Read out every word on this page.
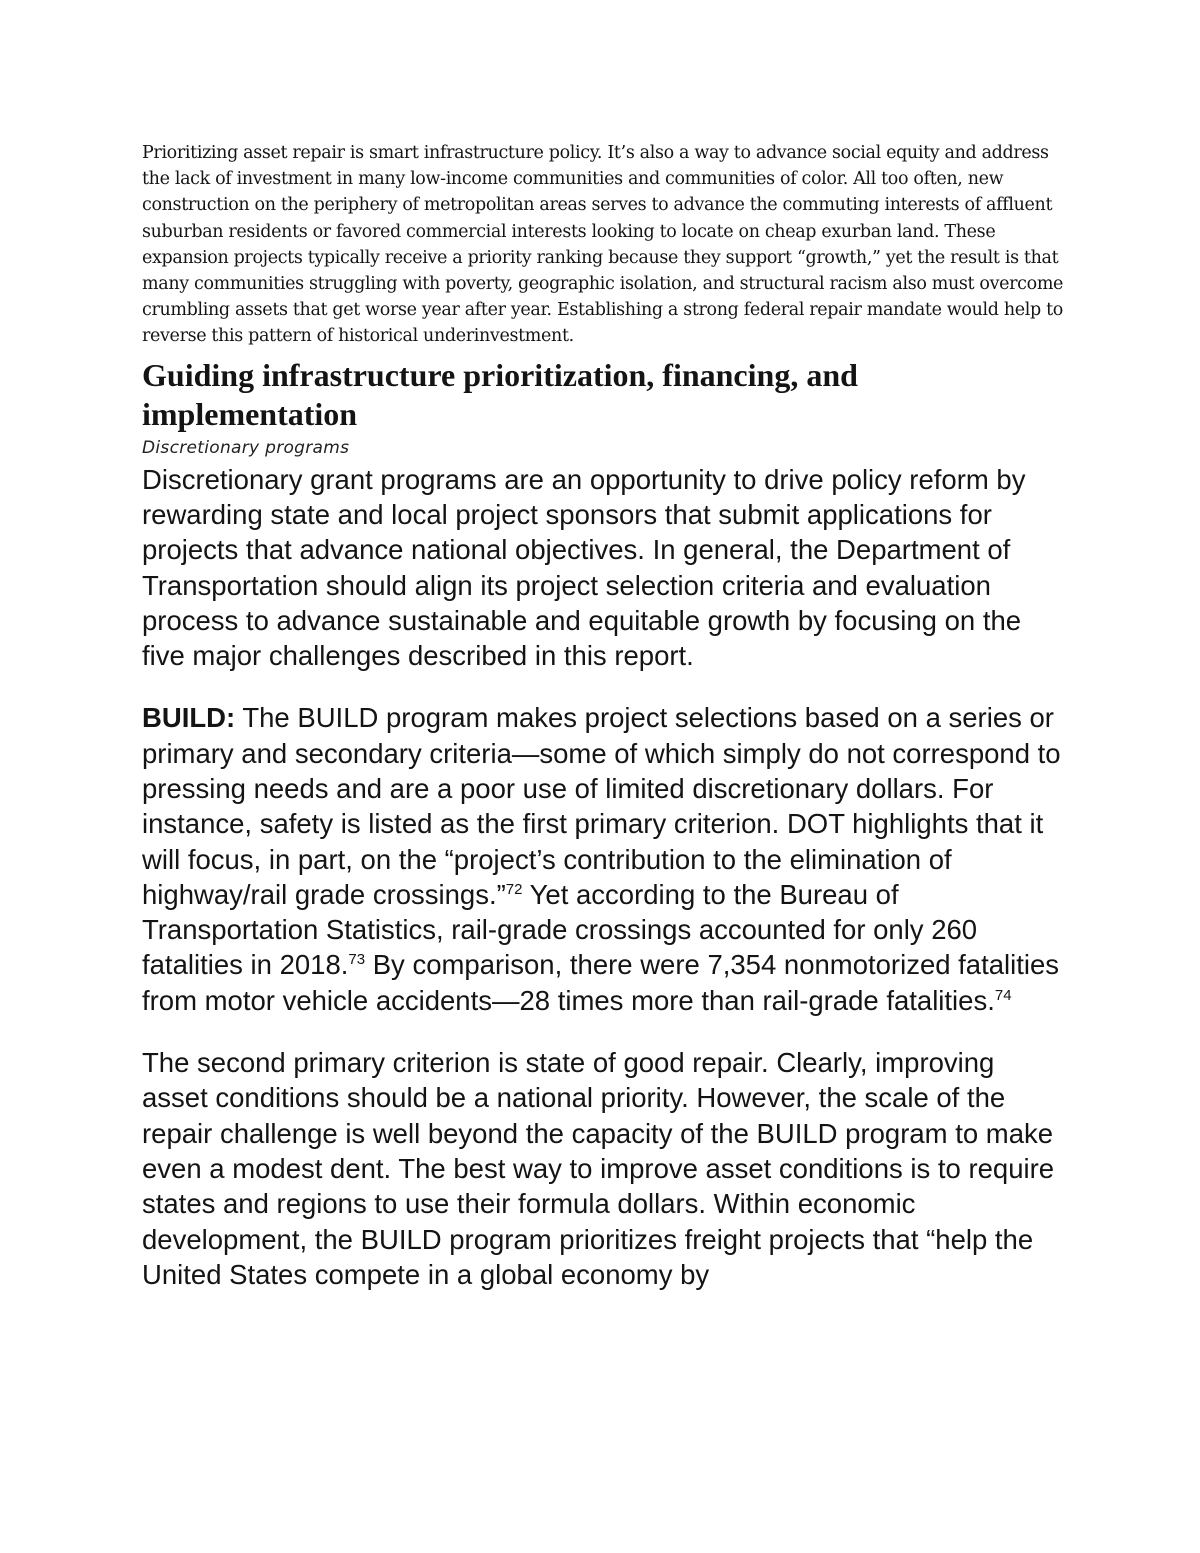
Prioritizing asset repair is smart infrastructure policy. It’s also a way to advance social equity and address the lack of investment in many low-income communities and communities of color. All too often, new construction on the periphery of metropolitan areas serves to advance the commuting interests of affluent suburban residents or favored commercial interests looking to locate on cheap exurban land. These expansion projects typically receive a priority ranking because they support “growth,” yet the result is that many communities struggling with poverty, geographic isolation, and structural racism also must overcome crumbling assets that get worse year after year. Establishing a strong federal repair mandate would help to reverse this pattern of historical underinvestment.

Guiding infrastructure prioritization, financing, and implementation
Discretionary programs

Discretionary grant programs are an opportunity to drive policy reform by rewarding state and local project sponsors that submit applications for projects that advance national objectives. In general, the Department of Transportation should align its project selection criteria and evaluation process to advance sustainable and equitable growth by focusing on the five major challenges described in this report.

BUILD: The BUILD program makes project selections based on a series or primary and secondary criteria—some of which simply do not correspond to pressing needs and are a poor use of limited discretionary dollars. For instance, safety is listed as the first primary criterion. DOT highlights that it will focus, in part, on the “project’s contribution to the elimination of highway/rail grade crossings.”$^{72}$ Yet according to the Bureau of Transportation Statistics, rail-grade crossings accounted for only 260 fatalities in 2018.73 By comparison, there were 7,354 nonmotorized fatalities from motor vehicle accidents—28 times more than rail-grade fatalities.$^{74}$

The second primary criterion is state of good repair. Clearly, improving asset conditions should be a national priority. However, the scale of the repair challenge is well beyond the capacity of the BUILD program to make even a modest dent. The best way to improve asset conditions is to require states and regions to use their formula dollars. Within economic development, the BUILD program prioritizes freight projects that “help the United States compete in a global economy by
